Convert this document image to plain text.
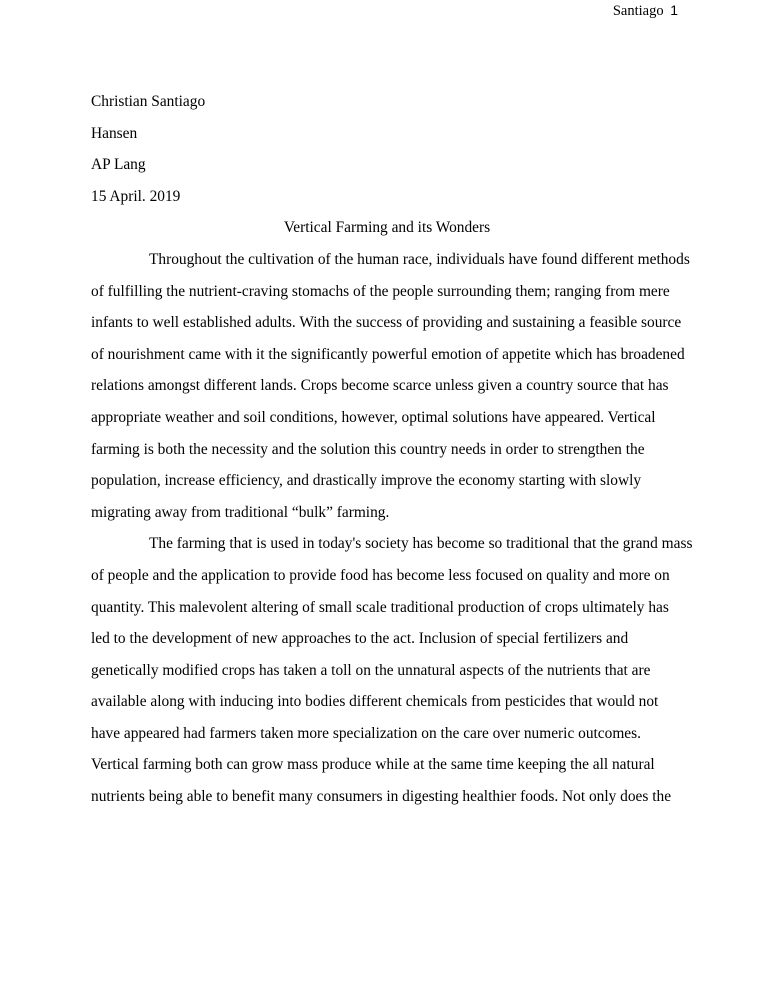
Santiago 1
Christian Santiago
Hansen
AP Lang
15 April. 2019
Vertical Farming and its Wonders
Throughout the cultivation of the human race, individuals have found different methods
of fulfilling the nutrient-craving stomachs of the people surrounding them; ranging from mere
infants to well established adults. With the success of providing and sustaining a feasible source
of nourishment came with it the significantly powerful emotion of appetite which has broadened
relations amongst different lands. Crops become scarce unless given a country source that has
appropriate weather and soil conditions, however, optimal solutions have appeared. Vertical
farming is both the necessity and the solution this country needs in order to strengthen the
population, increase efficiency, and drastically improve the economy starting with slowly
migrating away from traditional “bulk” farming.
The farming that is used in today's society has become so traditional that the grand mass
of people and the application to provide food has become less focused on quality and more on
quantity. This malevolent altering of small scale traditional production of crops ultimately has
led to the development of new approaches to the act. Inclusion of special fertilizers and
genetically modified crops has taken a toll on the unnatural aspects of the nutrients that are
available along with inducing into bodies different chemicals from pesticides that would not
have appeared had farmers taken more specialization on the care over numeric outcomes.
Vertical farming both can grow mass produce while at the same time keeping the all natural
nutrients being able to benefit many consumers in digesting healthier foods. Not only does the
